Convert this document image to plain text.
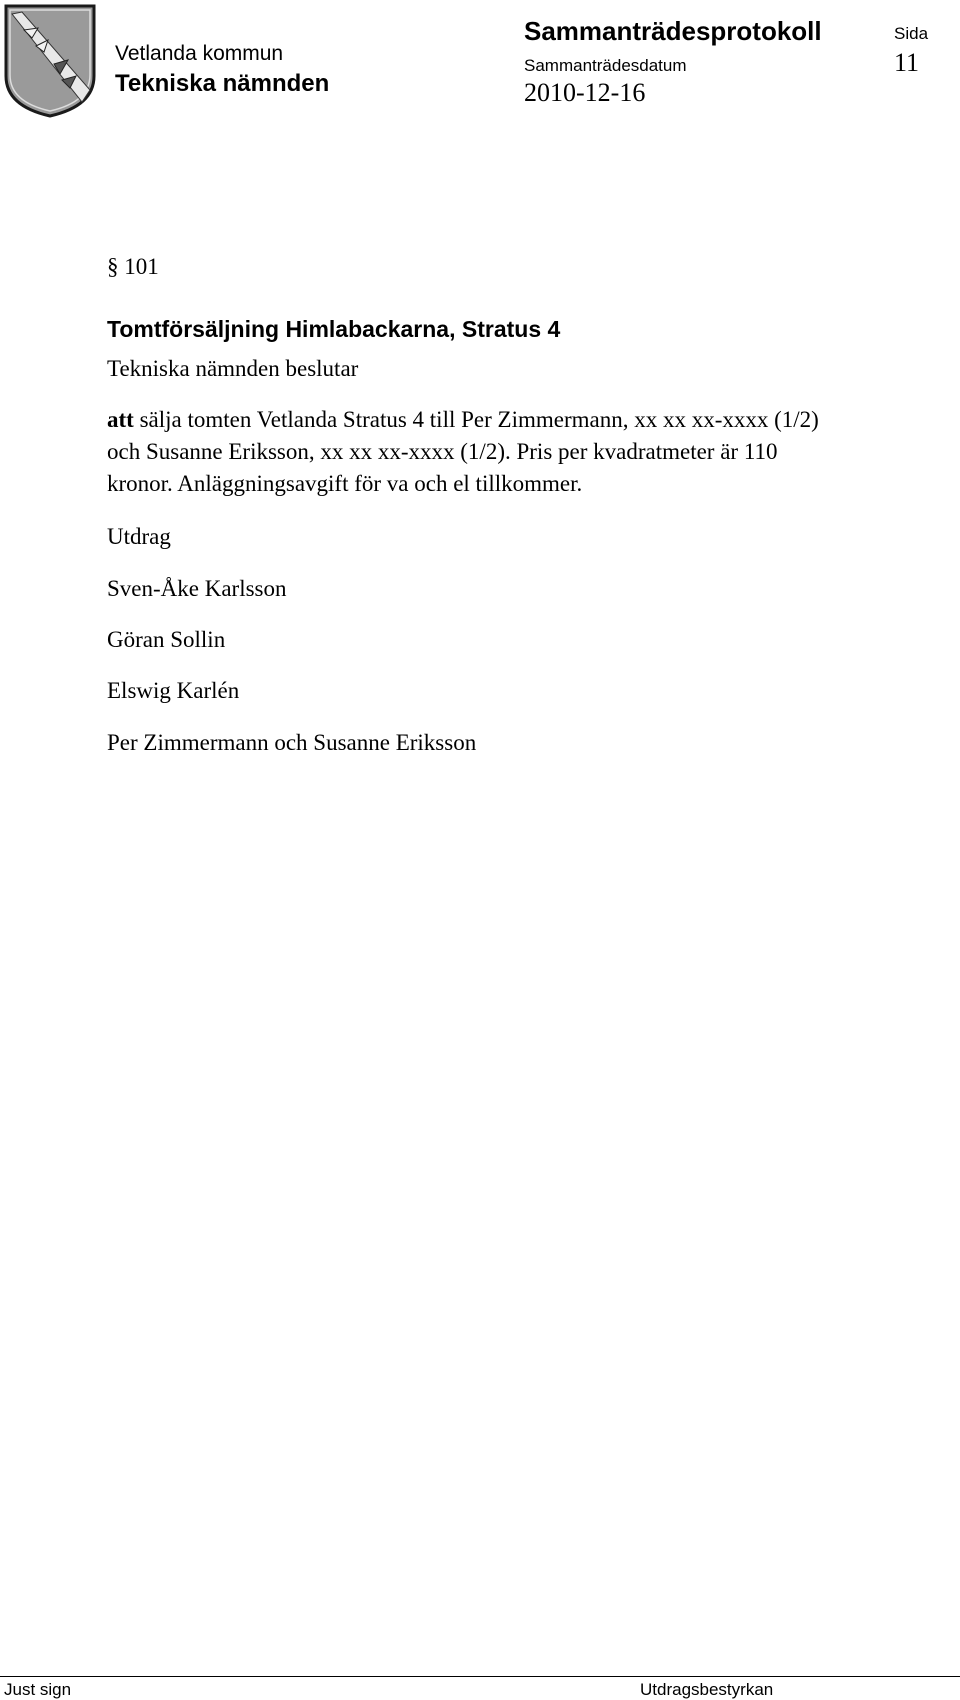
Vetlanda kommun
Tekniska nämnden
Sammanträdesprotokoll
Sammanträdesdatum
2010-12-16
Sida
11
§ 101
Tomtförsäljning Himlabackarna, Stratus 4
Tekniska nämnden beslutar

att sälja tomten Vetlanda Stratus 4 till Per Zimmermann, xx xx xx-xxxx (1/2)

och Susanne Eriksson, xx xx xx-xxxx (1/2). Pris per kvadratmeter är 110

kronor. Anläggningsavgift för va och el tillkommer.

Utdrag
Sven-Åke Karlsson
Göran Sollin
Elswig Karlén
Per Zimmermann och Susanne Eriksson
Just sign	Utdragsbestyrkan
